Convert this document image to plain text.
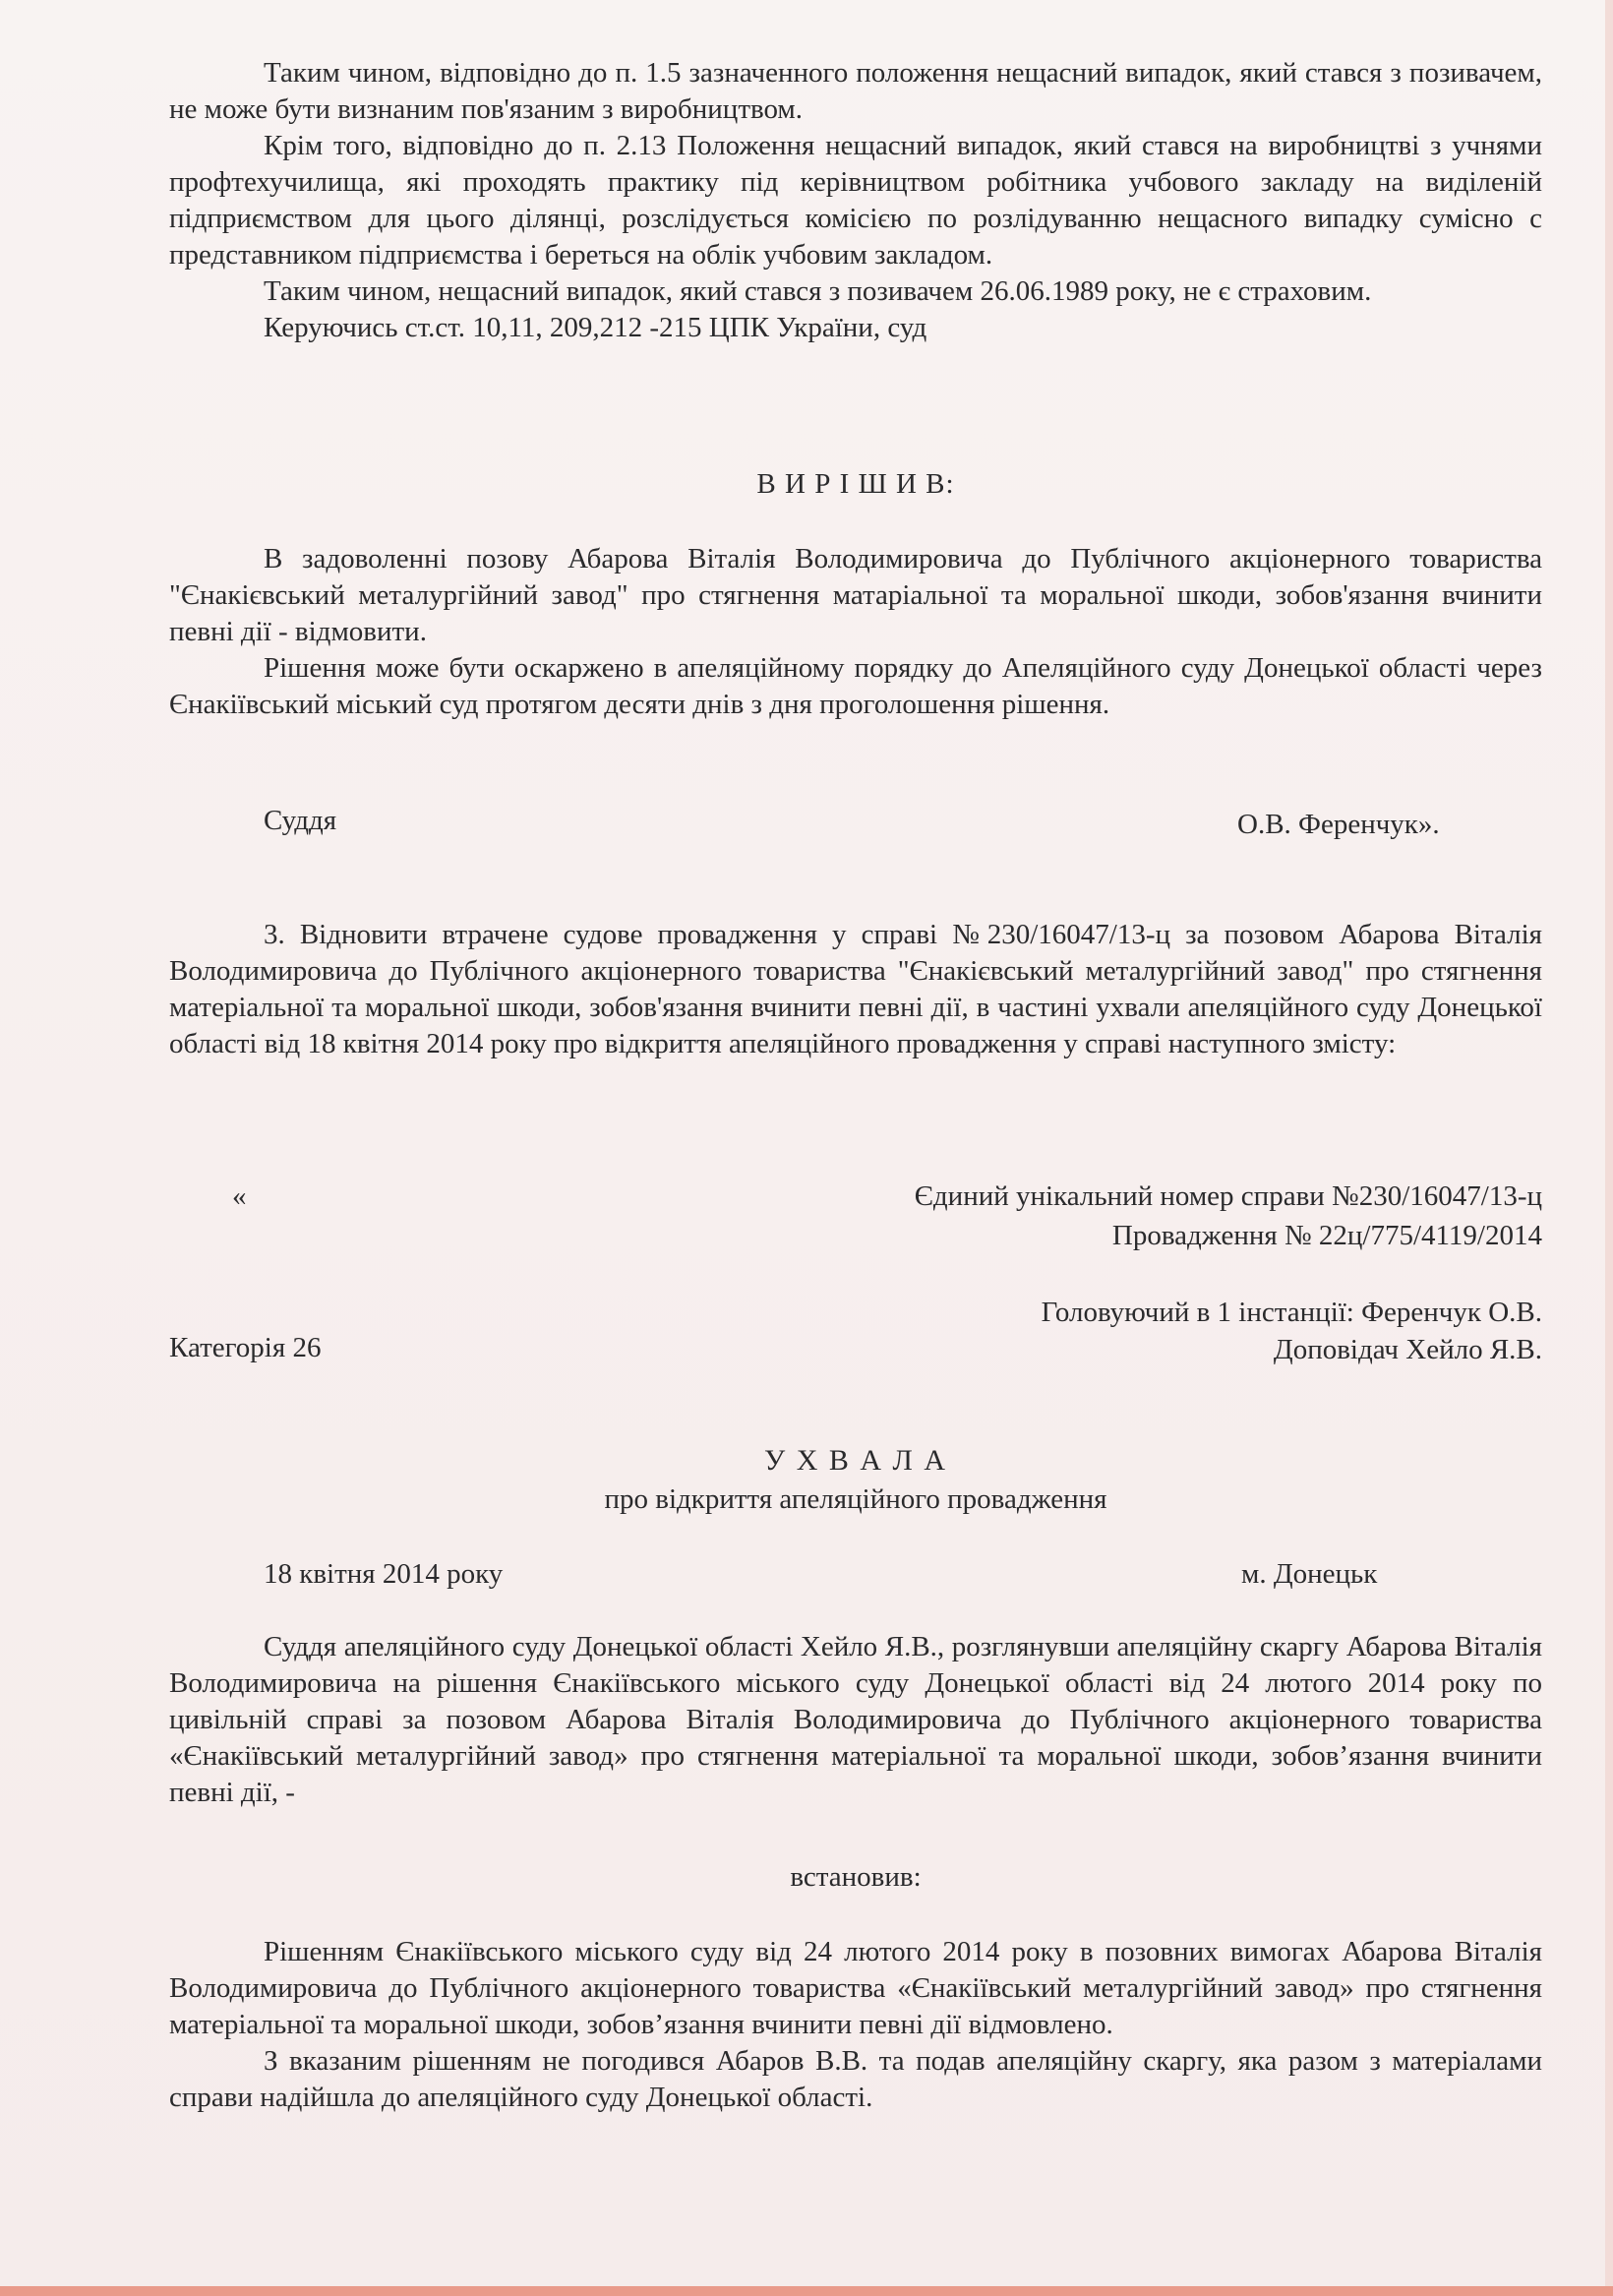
Таким чином, відповідно до п. 1.5 зазначенного положення нещасний випадок, який стався з позивачем, не може бути визнаним пов'язаним з виробництвом.

Крім того, відповідно до п. 2.13 Положення нещасний випадок, який стався на виробництві з учнями профтехучилища, які проходять практику під керівництвом робітника учбового закладу на виділеній підприємством для цього ділянці, розслідується комісією по розлідуванню нещасного випадку сумісно с представником підприємства і береться на облік учбовим закладом.

Таким чином, нещасний випадок, який стався з позивачем 26.06.1989 року, не є страховим.

Керуючись ст.ст. 10,11, 209,212 -215 ЦПК України, суд

В И Р І Ш И В:

В задоволенні позову Абарова Віталія Володимировича до Публічного акціонерного товариства "Єнакієвський металургійний завод" про стягнення матаріальної та моральної шкоди, зобов'язання вчинити певні дії - відмовити.

Рішення може бути оскаржено в апеляційному порядку до Апеляційного суду Донецької області через Єнакіївський міський суд протягом десяти днів з дня проголошення рішення.

Суддя	О.В. Ференчук».

3. Відновити втрачене судове провадження у справі №230/16047/13-ц за позовом Абарова Віталія Володимировича до Публічного акціонерного товариства "Єнакієвський металургійний завод" про стягнення матеріальної та моральної шкоди, зобов'язання вчинити певні дії, в частині ухвали апеляційного суду Донецької області від 18 квітня 2014 року про відкриття апеляційного провадження у справі наступного змісту:

«	Єдиний унікальний номер справи №230/16047/13-ц
Провадження № 22ц/775/4119/2014
Головуючий в 1 інстанції: Ференчук О.В.
Категорія 26	Доповідач Хейло Я.В.
У Х В А Л А
про відкриття апеляційного провадження
18 квітня 2014 року	м. Донецьк

Суддя апеляційного суду Донецької області Хейло Я.В., розглянувши апеляційну скаргу Абарова Віталія Володимировича на рішення Єнакіївського міського суду Донецької області від 24 лютого 2014 року по цивільній справі за позовом Абарова Віталія Володимировича до Публічного акціонерного товариства «Єнакіївський металургійний завод» про стягнення матеріальної та моральної шкоди, зобов’язання вчинити певні дії, -

встановив:

Рішенням Єнакіївського міського суду від 24 лютого 2014 року в позовних вимогах Абарова Віталія Володимировича до Публічного акціонерного товариства «Єнакіївський металургійний завод» про стягнення матеріальної та моральної шкоди, зобов’язання вчинити певні дії відмовлено.

З вказаним рішенням не погодився Абаров В.В. та подав апеляційну скаргу, яка разом з матеріалами справи надійшла до апеляційного суду Донецької області.
